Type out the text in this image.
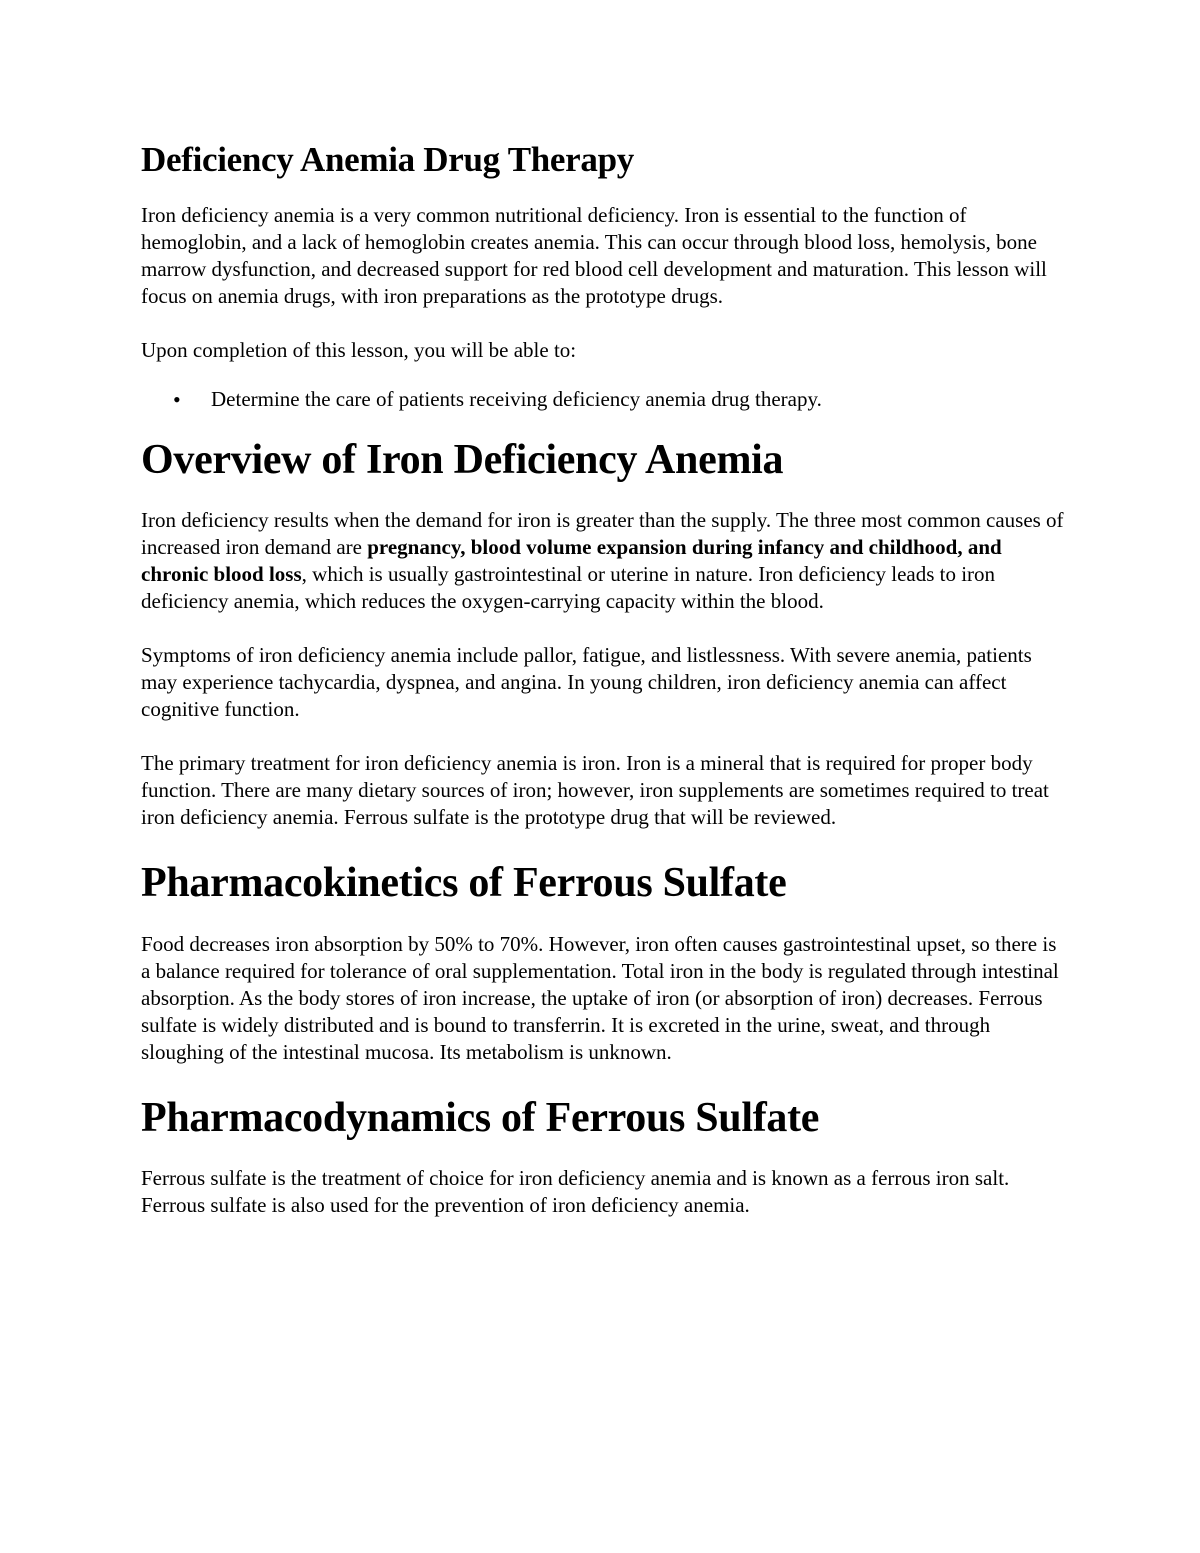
Deficiency Anemia Drug Therapy

Iron deficiency anemia is a very common nutritional deficiency. Iron is essential to the function of hemoglobin, and a lack of hemoglobin creates anemia. This can occur through blood loss, hemolysis, bone marrow dysfunction, and decreased support for red blood cell development and maturation. This lesson will focus on anemia drugs, with iron preparations as the prototype drugs.

Upon completion of this lesson, you will be able to:

• Determine the care of patients receiving deficiency anemia drug therapy.
Overview of Iron Deficiency Anemia

Iron deficiency results when the demand for iron is greater than the supply. The three most common causes of increased iron demand are pregnancy, blood volume expansion during infancy and childhood, and chronic blood loss, which is usually gastrointestinal or uterine in nature. Iron deficiency leads to iron deficiency anemia, which reduces the oxygen-carrying capacity within the blood.

Symptoms of iron deficiency anemia include pallor, fatigue, and listlessness. With severe anemia, patients may experience tachycardia, dyspnea, and angina. In young children, iron deficiency anemia can affect cognitive function.

The primary treatment for iron deficiency anemia is iron. Iron is a mineral that is required for proper body function. There are many dietary sources of iron; however, iron supplements are sometimes required to treat iron deficiency anemia. Ferrous sulfate is the prototype drug that will be reviewed.

Pharmacokinetics of Ferrous Sulfate

Food decreases iron absorption by 50% to 70%. However, iron often causes gastrointestinal upset, so there is a balance required for tolerance of oral supplementation. Total iron in the body is regulated through intestinal absorption. As the body stores of iron increase, the uptake of iron (or absorption of iron) decreases. Ferrous sulfate is widely distributed and is bound to transferrin. It is excreted in the urine, sweat, and through sloughing of the intestinal mucosa. Its metabolism is unknown.

Pharmacodynamics of Ferrous Sulfate

Ferrous sulfate is the treatment of choice for iron deficiency anemia and is known as a ferrous iron salt. Ferrous sulfate is also used for the prevention of iron deficiency anemia.
